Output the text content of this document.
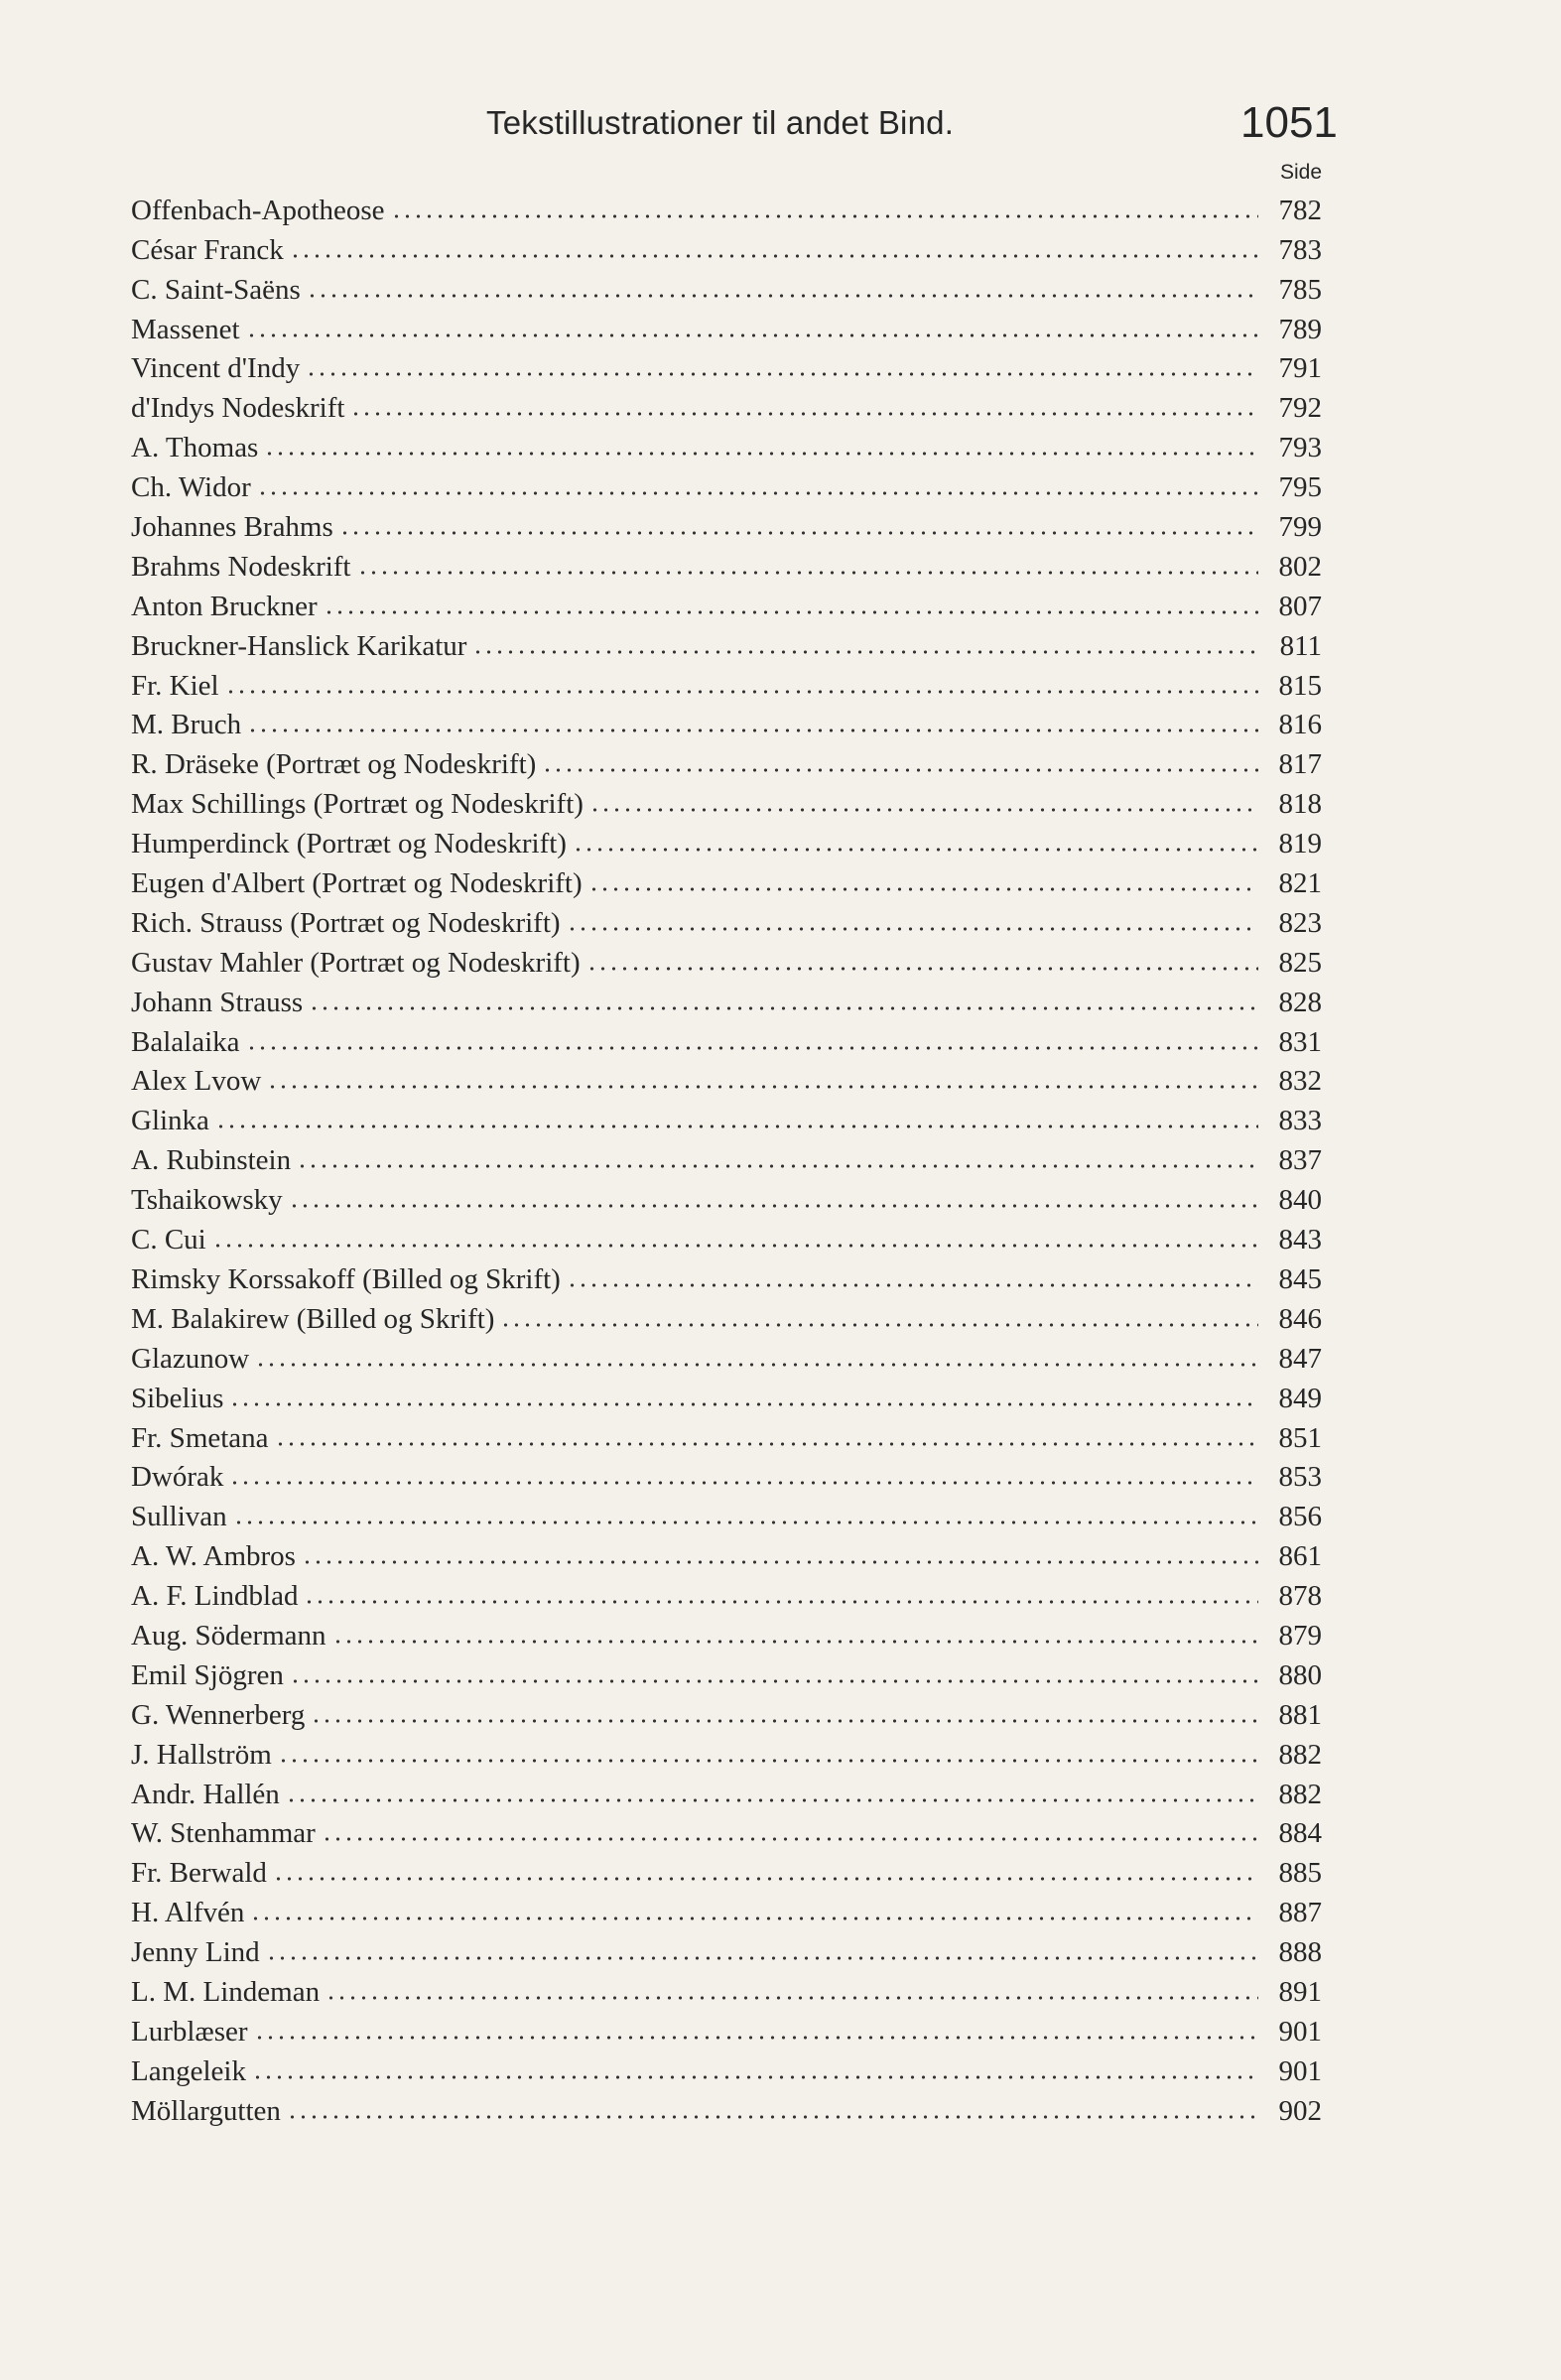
Tekstillustrationer til andet Bind.	1051
Side
Offenbach-Apotheose	782
César Franck	783
C. Saint-Saëns	785
Massenet	789
Vincent d'Indy	791
d'Indys Nodeskrift	792
A. Thomas	793
Ch. Widor	795
Johannes Brahms	799
Brahms Nodeskrift	802
Anton Bruckner	807
Bruckner-Hanslick Karikatur	811
Fr. Kiel	815
M. Bruch	816
R. Dräseke (Portræt og Nodeskrift)	817
Max Schillings (Portræt og Nodeskrift)	818
Humperdinck (Portræt og Nodeskrift)	819
Eugen d'Albert (Portræt og Nodeskrift)	821
Rich. Strauss (Portræt og Nodeskrift)	823
Gustav Mahler (Portræt og Nodeskrift)	825
Johann Strauss	828
Balalaika	831
Alex Lvow	832
Glinka	833
A. Rubinstein	837
Tshaikowsky	840
C. Cui	843
Rimsky Korssakoff (Billed og Skrift)	845
M. Balakirew (Billed og Skrift)	846
Glazunow	847
Sibelius	849
Fr. Smetana	851
Dwórak	853
Sullivan	856
A. W. Ambros	861
A. F. Lindblad	878
Aug. Södermann	879
Emil Sjögren	880
G. Wennerberg	881
J. Hallström	882
Andr. Hallén	882
W. Stenhammar	884
Fr. Berwald	885
H. Alfvén	887
Jenny Lind	888
L. M. Lindeman	891
Lurblæser	901
Langeleik	901
Möllargutten	902
